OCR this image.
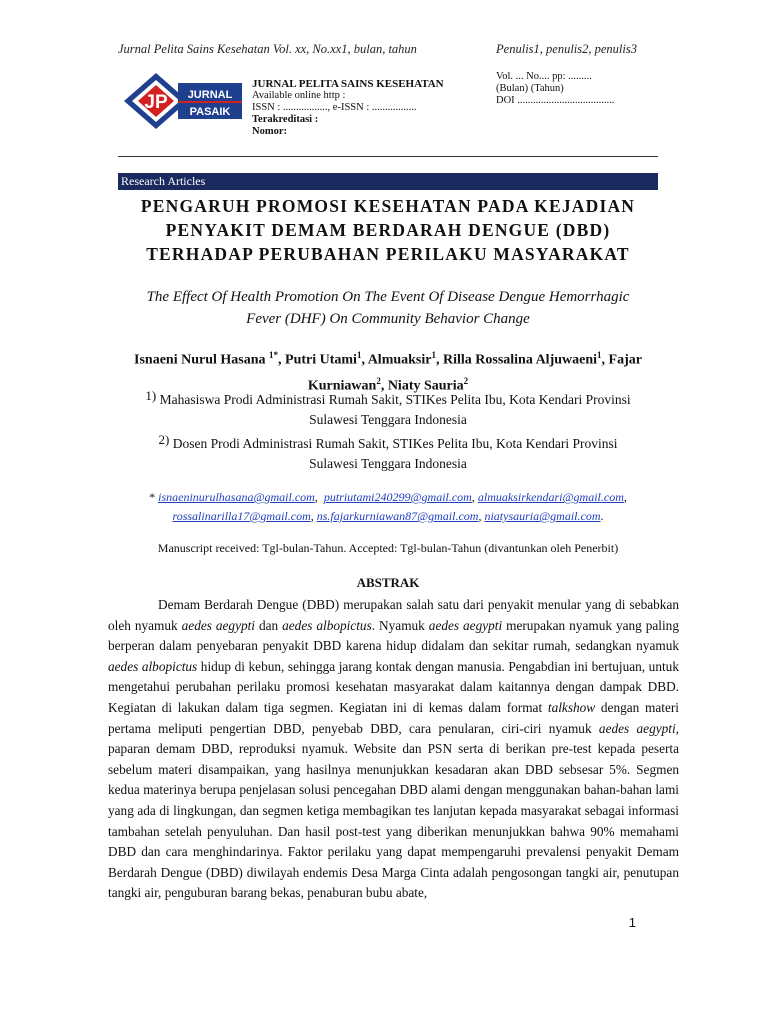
Jurnal Pelita Sains Kesehatan Vol. xx, No.xx1, bulan, tahun	Penulis1, penulis2, penulis3
JP JURNAL
PASAIK
JURNAL PELITA SAINS KESEHATAN
Available online http :
ISSN : ................., e-ISSN : .................
Terakreditasi :
Nomor:
Vol. ... No.... pp: .........
(Bulan) (Tahun)
DOI .....................................
Research Articles
PENGARUH PROMOSI KESEHATAN PADA KEJADIAN
PENYAKIT DEMAM BERDARAH DENGUE (DBD)
TERHADAP PERUBAHAN PERILAKU MASYARAKAT
The Effect Of Health Promotion On The Event Of Disease Dengue Hemorrhagic
Fever (DHF) On Community Behavior Change
Isnaeni Nurul Hasana $^{1*}$, Putri Utami$^1$, Almuaksir$^1$, Rilla Rossalina Aljuwaeni$^1$, Fajar Kurniawan$^2$, Niaty Sauria$^2$
$^{1)}$ Mahasiswa Prodi Administrasi Rumah Sakit, STIKes Pelita Ibu, Kota Kendari Provinsi
Sulawesi Tenggara Indonesia
$^{2)}$ Dosen Prodi Administrasi Rumah Sakit, STIKes Pelita Ibu, Kota Kendari Provinsi
Sulawesi Tenggara Indonesia
* isnaeninurulhasana@gmail.com,  putriutami240299@gmail.com, almuaksirkendari@gmail.com,
rossalinarilla17@gmail.com, ns.fajarkurniawan87@gmail.com, niatysauria@gmail.com.
Manuscript received: Tgl-bulan-Tahun. Accepted: Tgl-bulan-Tahun (divantunkan oleh Penerbit)
ABSTRAK

Demam Berdarah Dengue (DBD) merupakan salah satu dari penyakit menular yang di sebabkan oleh nyamuk aedes aegypti dan aedes albopictus. Nyamuk aedes aegypti merupakan nyamuk yang paling berperan dalam penyebaran penyakit DBD karena hidup didalam dan sekitar rumah, sedangkan nyamuk aedes albopictus hidup di kebun, sehingga jarang kontak dengan manusia. Pengabdian ini bertujuan, untuk mengetahui perubahan perilaku promosi kesehatan masyarakat dalam kaitannya dengan dampak DBD. Kegiatan di lakukan dalam tiga segmen. Kegiatan ini di kemas dalam format talkshow dengan materi pertama meliputi pengertian DBD, penyebab DBD, cara penularan, ciri-ciri nyamuk aedes aegypti, paparan demam DBD, reproduksi nyamuk. Website dan PSN serta di berikan pre-test kepada peserta sebelum materi disampaikan, yang hasilnya menunjukkan kesadaran akan DBD sebsesar 5%. Segmen kedua materinya berupa penjelasan solusi pencegahan DBD alami dengan menggunakan bahan-bahan lami yang ada di lingkungan, dan segmen ketiga membagikan tes lanjutan kepada masyarakat sebagai informasi tambahan setelah penyuluhan. Dan hasil post-test yang diberikan menunjukkan bahwa 90% memahami DBD dan cara menghindarinya. Faktor perilaku yang dapat mempengaruhi prevalensi penyakit Demam Berdarah Dengue (DBD) diwilayah endemis Desa Marga Cinta adalah pengosongan tangki air, penutupan tangki air, penguburan barang bekas, penaburan bubu abate,

1
